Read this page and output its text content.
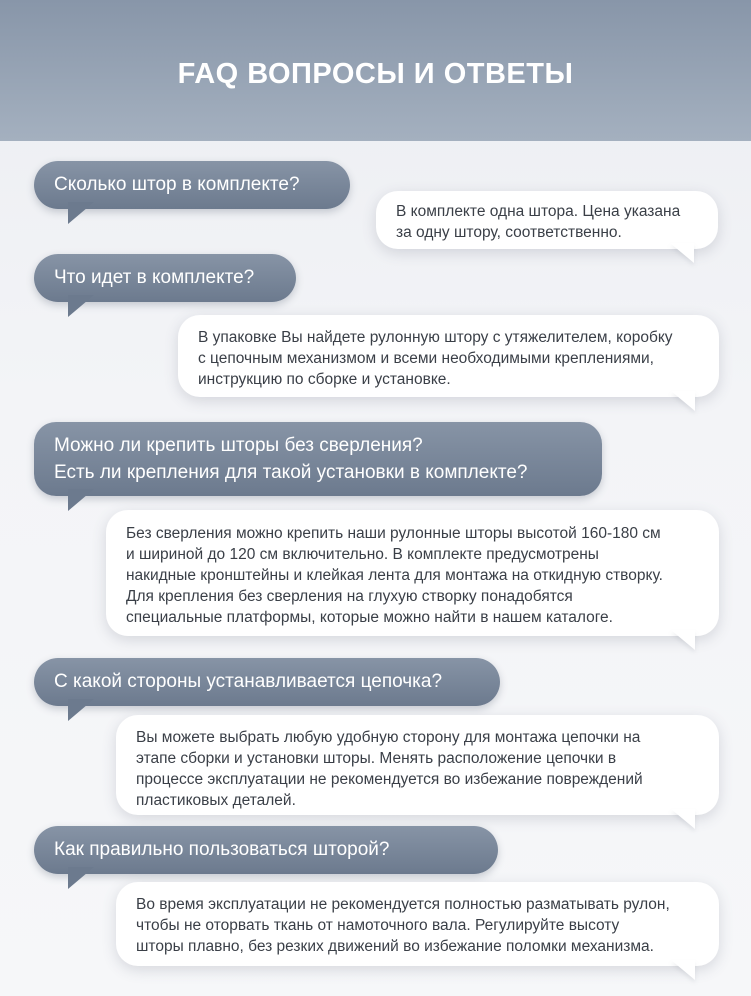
FAQ ВОПРОСЫ И ОТВЕТЫ
Сколько штор в комплекте?
В комплекте одна штора. Цена указана
за одну штору, соответственно.
Что идет в комплекте?
В упаковке Вы найдете рулонную штору с утяжелителем, коробку
с цепочным механизмом и всеми необходимыми креплениями,
инструкцию по сборке и установке.
Можно ли крепить шторы без сверления?
Есть ли крепления для такой установки в комплекте?
Без сверления можно крепить наши рулонные шторы высотой 160-180 см
и шириной до 120 см включительно. В комплекте предусмотрены
накидные кронштейны и клейкая лента для монтажа на откидную створку.
Для крепления без сверления на глухую створку понадобятся
специальные платформы, которые можно найти в нашем каталоге.
С какой стороны устанавливается цепочка?
Вы можете выбрать любую удобную сторону для монтажа цепочки на
этапе сборки и установки шторы. Менять расположение цепочки в
процессе эксплуатации не рекомендуется во избежание повреждений
пластиковых деталей.
Как правильно пользоваться шторой?
Во время эксплуатации не рекомендуется полностью разматывать рулон,
чтобы не оторвать ткань от намоточного вала. Регулируйте высоту
шторы плавно, без резких движений во избежание поломки механизма.
